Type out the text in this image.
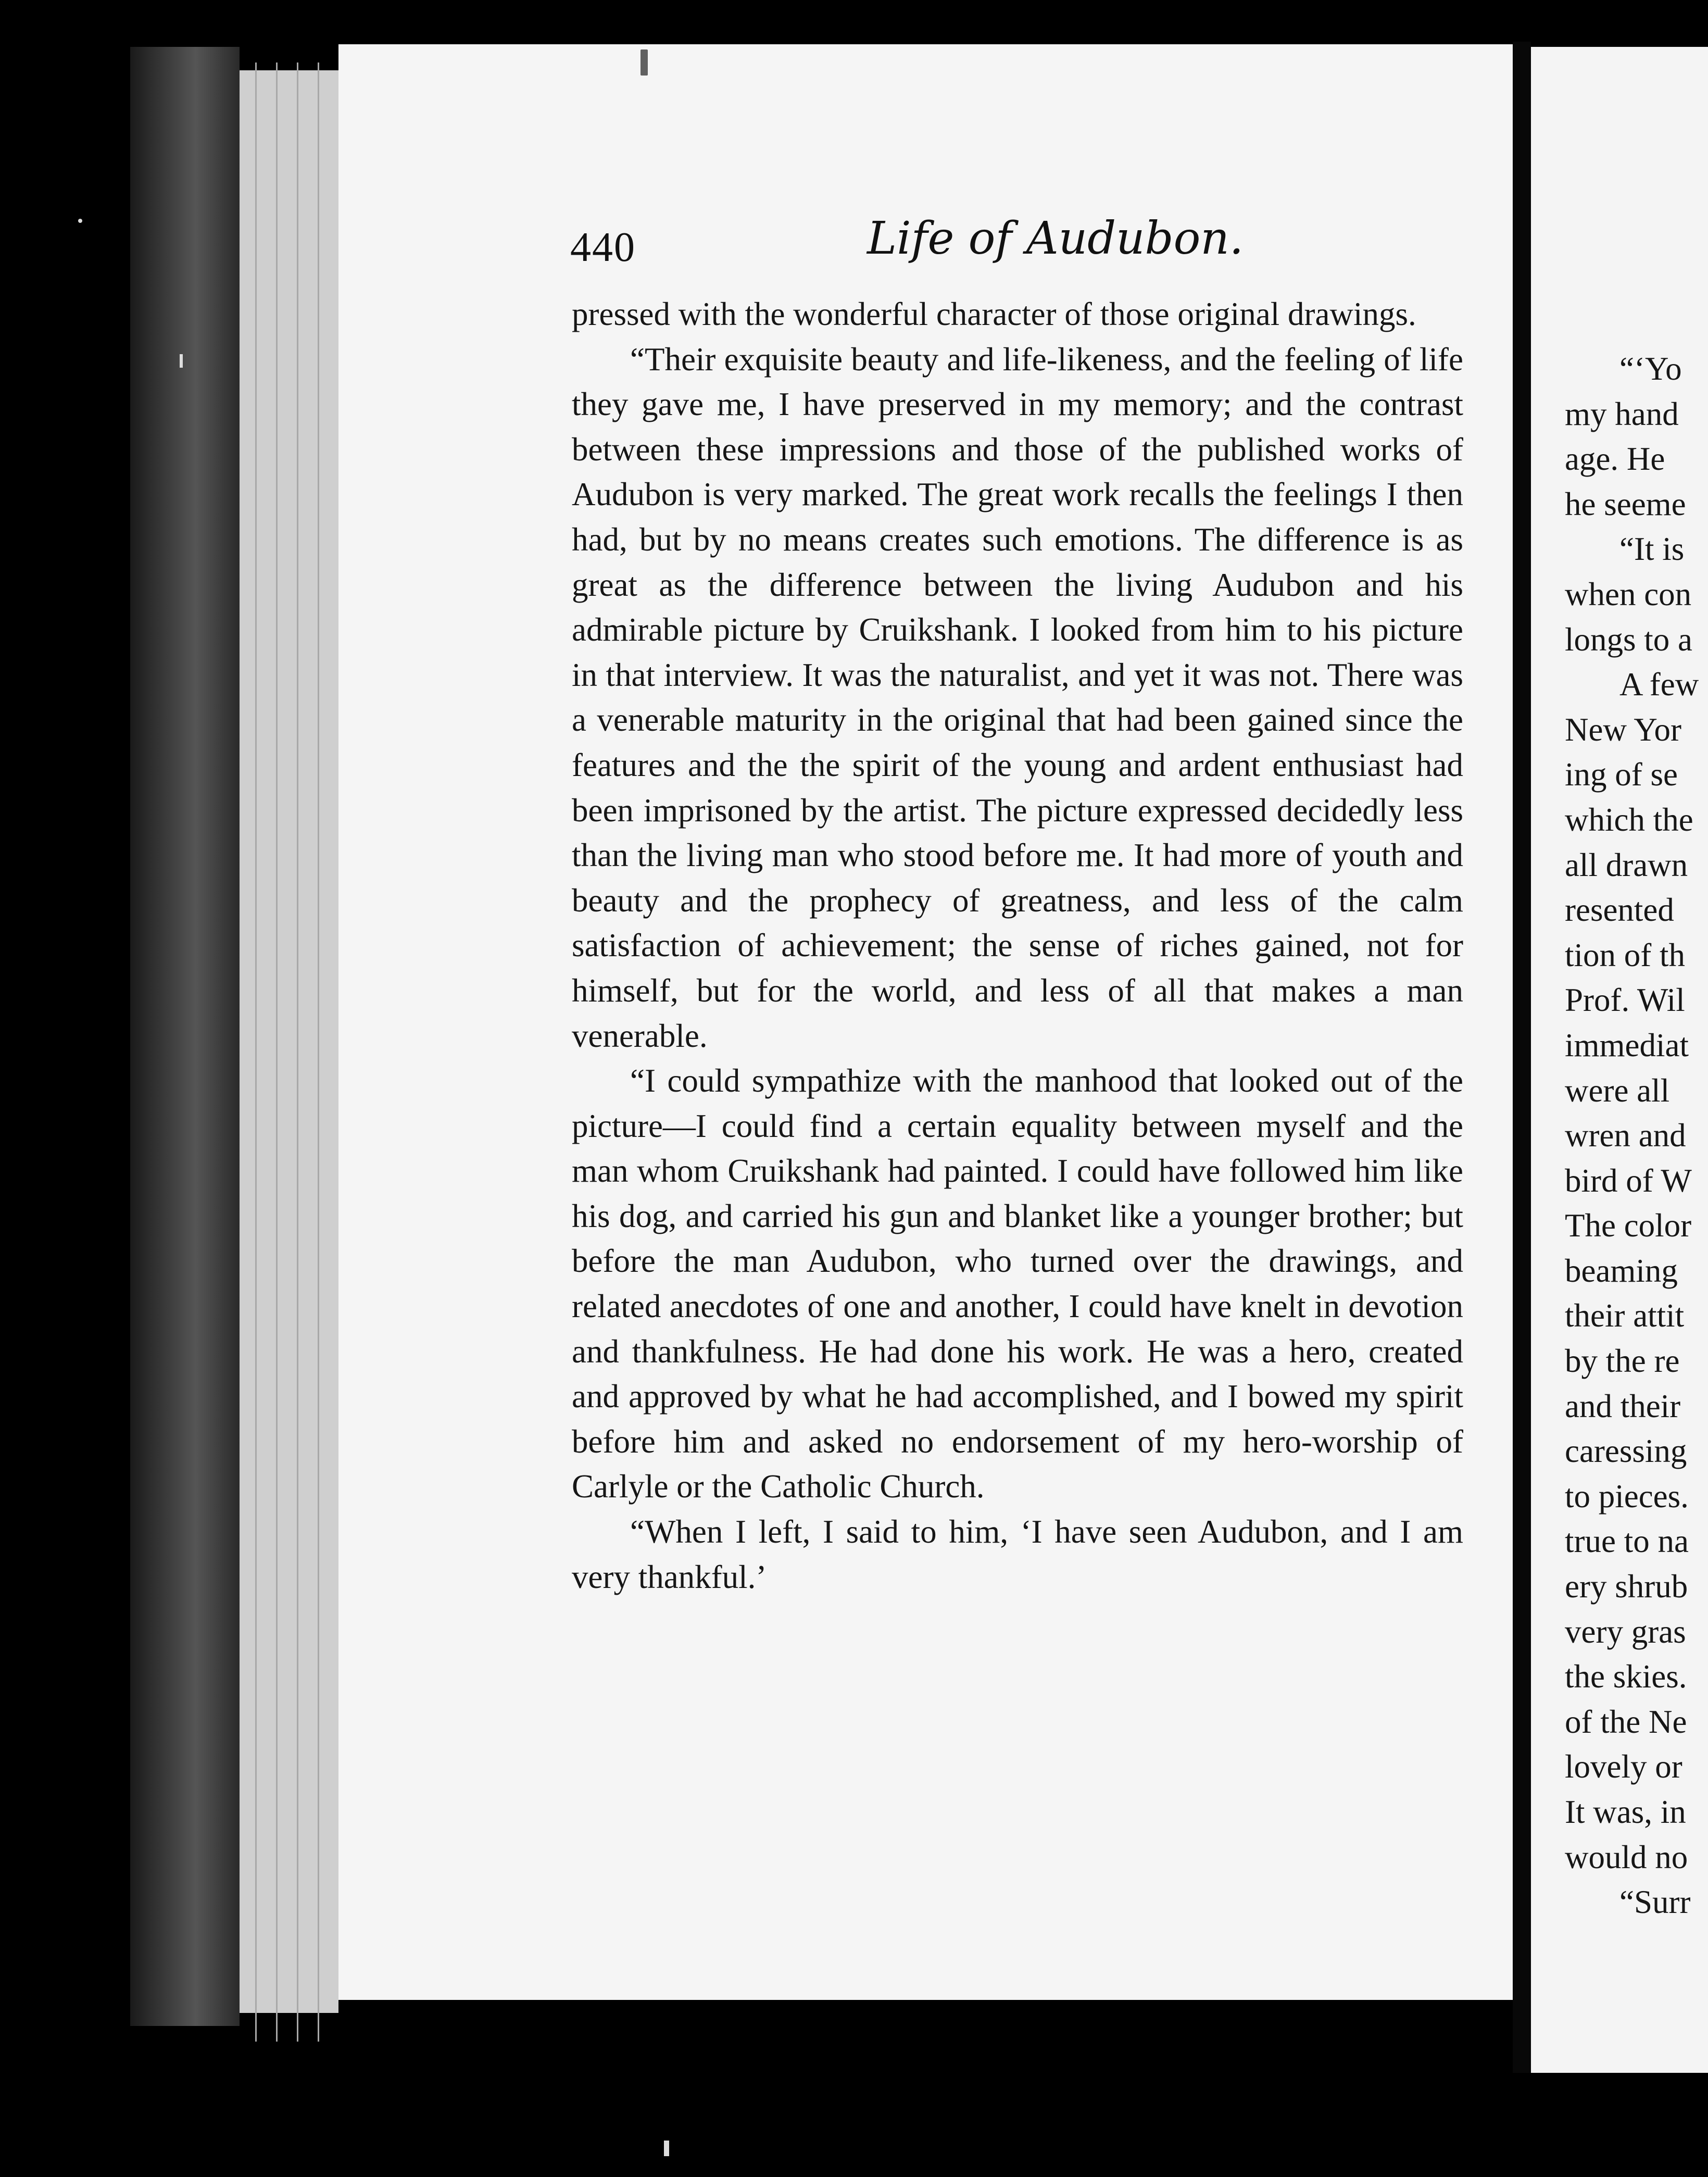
440	Life of Audubon.

pressed with the wonderful character of those original drawings.

“Their exquisite beauty and life-likeness, and the feeling of life they gave me, I have preserved in my memory; and the contrast between these impressions and those of the published works of Audubon is very marked. The great work recalls the feelings I then had, but by no means creates such emotions. The difference is as great as the difference between the living Audubon and his admirable picture by Cruikshank. I looked from him to his picture in that interview. It was the naturalist, and yet it was not. There was a venerable maturity in the original that had been gained since the features and the the spirit of the young and ardent enthusiast had been imprisoned by the artist. The picture expressed decidedly less than the living man who stood before me. It had more of youth and beauty and the prophecy of greatness, and less of the calm satisfaction of achievement; the sense of riches gained, not for himself, but for the world, and less of all that makes a man venerable.

“I could sympathize with the manhood that looked out of the picture—I could find a certain equality between myself and the man whom Cruikshank had painted. I could have followed him like his dog, and carried his gun and blanket like a younger brother; but before the man Audubon, who turned over the drawings, and related anecdotes of one and another, I could have knelt in devotion and thankfulness. He had done his work. He was a hero, created and approved by what he had accomplished, and I bowed my spirit before him and asked no endorsement of my hero-worship of Carlyle or the Catholic Church.

“When I left, I said to him, ‘I have seen Audubon, and I am very thankful.’

“‘Yo
my hand
age. He
he seeme
“It is
when con
longs to a
A few
New Yor
ing of se
which the
all drawn
resented
tion of th
Prof. Wil
immediat
were all
wren and
bird of W
The color
beaming
their attit
by the re
and their
caressing
to pieces.
true to na
ery shrub
very gras
the skies.
of the Ne
lovely or
It was, in
would no
“Surr
